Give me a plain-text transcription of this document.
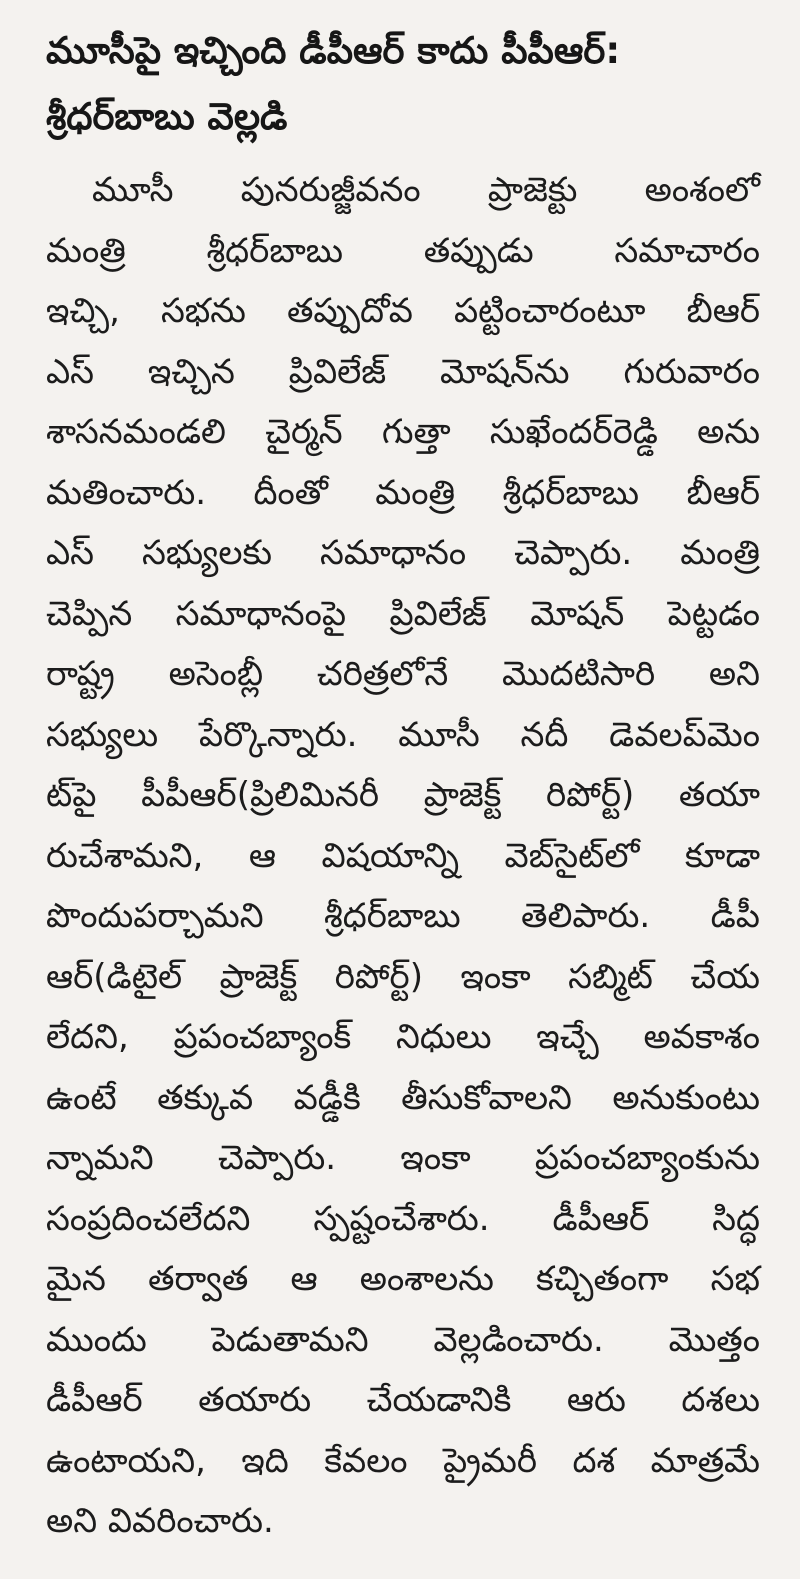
మూసీపై ఇచ్చింది డీపీఆర్ కాదు పీపీఆర్:
శ్రీధర్‌బాబు వెల్లడి
మూసీ పునరుజ్జీవనం ప్రాజెక్టు అంశంలో
మంత్రి శ్రీధర్‌బాబు తప్పుడు సమాచారం
ఇచ్చి, సభను తప్పుదోవ పట్టించారంటూ బీఆర్
ఎస్ ఇచ్చిన ప్రివిలేజ్ మోషన్‌ను గురువారం
శాసనమండలి చైర్మన్ గుత్తా సుఖేందర్‌రెడ్డి అను
మతించారు. దీంతో మంత్రి శ్రీధర్‌బాబు బీఆర్
ఎస్ సభ్యులకు సమాధానం చెప్పారు. మంత్రి
చెప్పిన సమాధానంపై ప్రివిలేజ్ మోషన్ పెట్టడం
రాష్ట్ర అసెంబ్లీ చరిత్రలోనే మొదటిసారి అని
సభ్యులు పేర్కొన్నారు. మూసీ నదీ డెవలప్‌మెం
ట్‌పై పీపీఆర్(ప్రిలిమినరీ ప్రాజెక్ట్ రిపోర్ట్) తయా
రుచేశామని, ఆ విషయాన్ని వెబ్‌సైట్‌లో కూడా
పొందుపర్చామని శ్రీధర్‌బాబు తెలిపారు. డీపీ
ఆర్(డిటైల్ ప్రాజెక్ట్ రిపోర్ట్) ఇంకా సబ్మిట్ చేయ
లేదని, ప్రపంచబ్యాంక్ నిధులు ఇచ్చే అవకాశం
ఉంటే తక్కువ వడ్డీకి తీసుకోవాలని అనుకుంటు
న్నామని చెప్పారు. ఇంకా ప్రపంచబ్యాంకును
సంప్రదించలేదని స్పష్టంచేశారు. డీపీఆర్ సిద్ధ
మైన తర్వాత ఆ అంశాలను కచ్చితంగా సభ
ముందు పెడుతామని వెల్లడించారు. మొత్తం
డీపీఆర్ తయారు చేయడానికి ఆరు దశలు
ఉంటాయని, ఇది కేవలం ప్రైమరీ దశ మాత్రమే
అని వివరించారు.
